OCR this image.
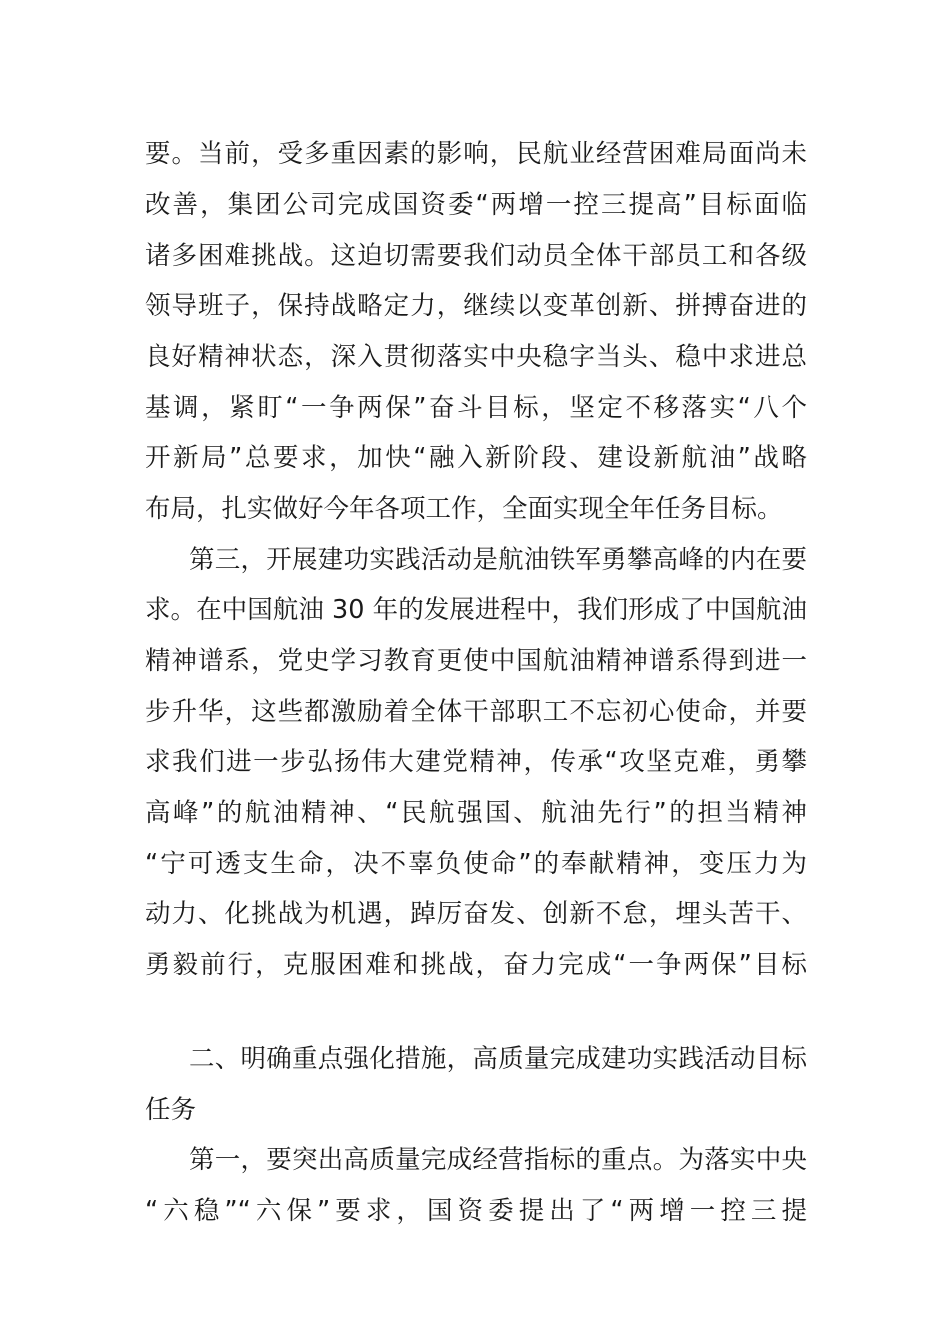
要。当前，受多重因素的影响，民航业经营困难局面尚未
改善，集团公司完成国资委“两增一控三提高”目标面临
诸多困难挑战。这迫切需要我们动员全体干部员工和各级
领导班子，保持战略定力，继续以变革创新、拼搏奋进的
良好精神状态，深入贯彻落实中央稳字当头、稳中求进总
基调，紧盯“一争两保”奋斗目标，坚定不移落实“八个
开新局”总要求，加快“融入新阶段、建设新航油”战略
布局，扎实做好今年各项工作，全面实现全年任务目标。
第三，开展建功实践活动是航油铁军勇攀高峰的内在要
求。在中国航油 30 年的发展进程中，我们形成了中国航油
精神谱系，党史学习教育更使中国航油精神谱系得到进一
步升华，这些都激励着全体干部职工不忘初心使命，并要
求我们进一步弘扬伟大建党精神，传承“攻坚克难，勇攀
高峰”的航油精神、“民航强国、航油先行”的担当精神
“宁可透支生命，决不辜负使命”的奉献精神，变压力为
动力、化挑战为机遇，踔厉奋发、创新不怠，埋头苦干、
勇毅前行，克服困难和挑战，奋力完成“一争两保”目标
二、明确重点强化措施，高质量完成建功实践活动目标
任务
第一，要突出高质量完成经营指标的重点。为落实中央
“六稳”“六保”要求，国资委提出了“两增一控三提
